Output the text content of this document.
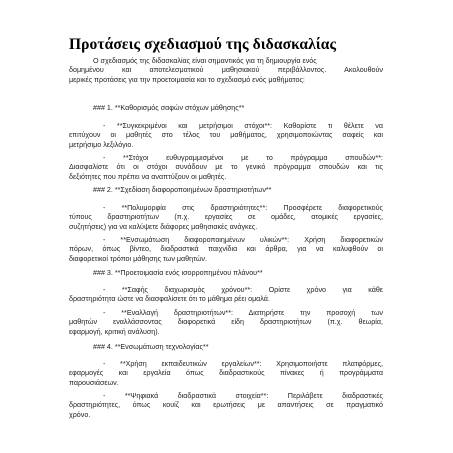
Προτάσεις σχεδιασμού της διδασκαλίας
Ο σχεδιασμός της διδασκαλίας είναι σημαντικός για τη δημιουργία ενός
δομημένου και αποτελεσματικού μαθησιακού περιβάλλοντος. Ακολουθούν
μερικές προτάσεις για την προετοιμασία και το σχεδιασμό ενός μαθήματος:
### 1. **Καθορισμός σαφών στόχων μάθησης**
- **Συγκεκριμένοι και μετρήσιμοι στόχοι**: Καθορίστε τι θέλετε να
επιτύχουν οι μαθητές στο τέλος του μαθήματος, χρησιμοποιώντας σαφείς και
μετρήσιμο λεξιλόγιο.
- **Στόχοι ευθυγραμμισμένοι με το πρόγραμμα σπουδών**:
Διασφαλίστε ότι οι στόχοι συνάδουν με το γενικό πρόγραμμα σπουδών και τις
δεξιότητες που πρέπει να αναπτύξουν οι μαθητές.
### 2. **Σχεδίαση διαφοροποιημένων δραστηριοτήτων**
- **Πολυμορφία στις δραστηριότητες**: Προσφέρετε διαφορετικούς
τύπους δραστηριοτήτων (π.χ. εργασίες σε ομάδες, ατομικές εργασίες,
συζητήσεις) για να καλύψετε διάφορες μαθησιακές ανάγκες.
- **Ενσωμάτωση διαφοροποιημένων υλικών**: Χρήση διαφορετικών
πόρων, όπως βίντεο, διαδραστικά παιχνίδια και άρθρα, για να καλυφθούν οι
διαφορετικοί τρόποι μάθησης των μαθητών.
### 3. **Προετοιμασία ενός ισορροπημένου πλάνου**
- **Σαφής διαχωρισμός χρόνου**: Ορίστε χρόνο για κάθε
δραστηριότητα ώστε να διασφαλίσετε ότι το μάθημα ρέει ομαλά.
- **Εναλλαγή δραστηριοτήτων**: Διατηρήστε την προσοχή των
μαθητών εναλλάσσοντας διαφορετικά είδη δραστηριοτήτων (π.χ. θεωρία,
εφαρμογή, κριτική ανάλυση).
### 4. **Ενσωμάτωση τεχνολογίας**
- **Χρήση εκπαιδευτικών εργαλείων**: Χρησιμοποιήστε πλατφόρμες,
εφαρμογές και εργαλεία όπως διαδραστικούς πίνακες ή προγράμματα
παρουσιάσεων.
- **Ψηφιακά διαδραστικά στοιχεία**: Περιλάβετε διαδραστικές
δραστηριότητες, όπως κουίζ και ερωτήσεις με απαντήσεις σε πραγματικό
χρόνο.
